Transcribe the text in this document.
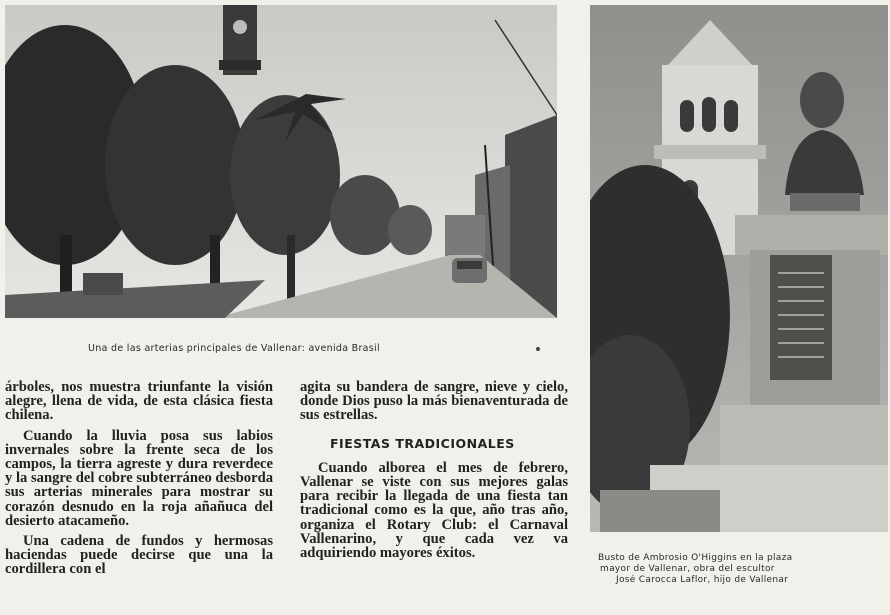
Una de las arterias principales de Vallenar: avenida Brasil
Busto de Ambrosio O'Higgins en la plaza
mayor de Vallenar, obra del escultor
José Carocca Laflor, hijo de Vallenar

árboles, nos muestra triunfante la visión alegre, llena de vida, de esta clásica fiesta chilena.

Cuando la lluvia posa sus labios invernales sobre la frente seca de los campos, la tierra agreste y dura reverdece y la sangre del cobre subterráneo desborda sus arterias minerales para mostrar su corazón desnudo en la roja añañuca del desierto atacameño.

Una cadena de fundos y hermosas haciendas puede decirse que una la cordillera con el

agita su bandera de sangre, nieve y cielo, donde Dios puso la más bienaventurada de sus estrellas.

FIESTAS TRADICIONALES

Cuando alborea el mes de febrero, Vallenar se viste con sus mejores galas para recibir la llegada de una fiesta tan tradicional como es la que, año tras año, organiza el Rotary Club: el Carnaval Vallenarino, y que cada vez va adquiriendo mayores éxitos.
